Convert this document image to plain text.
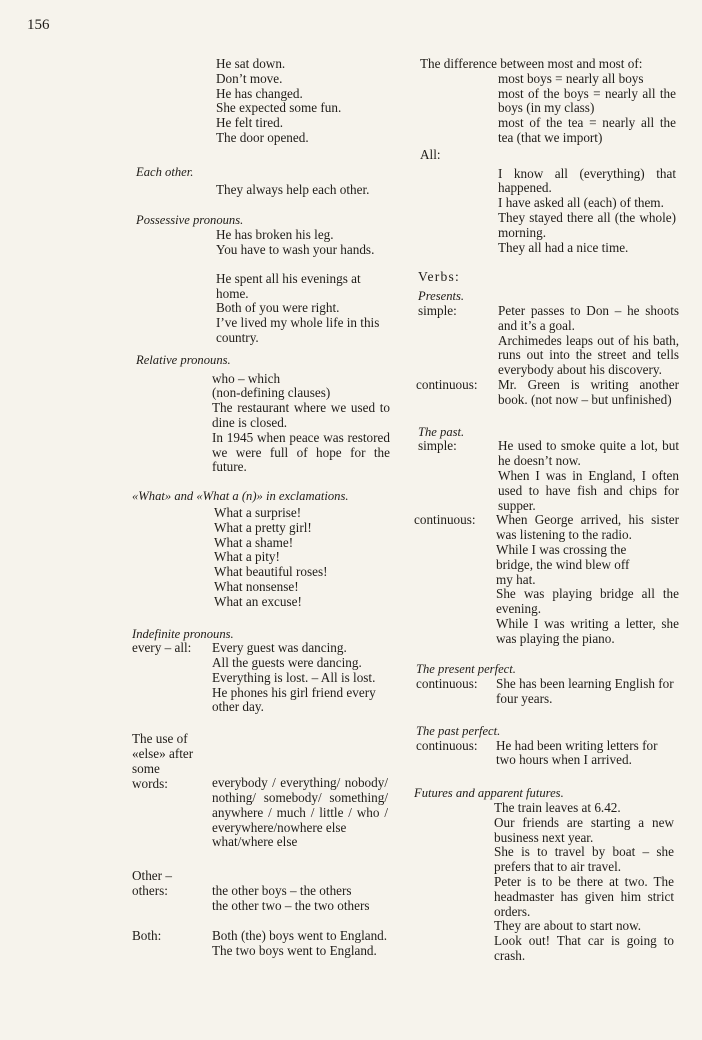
156
He sat down.
Don’t move.
He has changed.
She expected some fun.
He felt tired.
The door opened.
Each other.
They always help each other.
Possessive pronouns.
He has broken his leg.
You have to wash your hands.
He spent all his evenings at home.
Both of you were right.
I’ve lived my whole life in this country.
Relative pronouns.
who – which
(non-defining clauses)
The restaurant where we used to dine is closed.
In 1945 when peace was restored we were full of hope for the future.
«What» and «What a (n)» in exclamations.
What a surprise!
What a pretty girl!
What a shame!
What a pity!
What beautiful roses!
What nonsense!
What an excuse!
Indefinite pronouns.
every – all:	Every guest was dancing.
All the guests were dancing.
Everything is lost. – All is lost.
He phones his girl friend every other day.
The use of
«else» after
some
words:	everybody / everything/ nobody/ nothing/ somebody/ something/ anywhere / much / little / who / everywhere/nowhere else
what/where else
Other –
others:	the other boys – the others
the other two – the two others
Both:	Both (the) boys went to England.
The two boys went to England.
The difference between most and most of:
most boys = nearly all boys
most of the boys = nearly all the boys (in my class)
most of the tea = nearly all the tea (that we import)
All:
I know all (everything) that happened.
I have asked all (each) of them.
They stayed there all (the whole) morning.
They all had a nice time.
Verbs:
Presents.
simple:	Peter passes to Don – he shoots and it’s a goal.
Archimedes leaps out of his bath, runs out into the street and tells everybody about his discovery.
continuous:	Mr. Green is writing another book. (not now – but unfinished)
The past.
simple:	He used to smoke quite a lot, but he doesn’t now.
When I was in England, I often used to have fish and chips for supper.
continuous:	When George arrived, his sister was listening to the radio.
While I was crossing the bridge, the wind blew off my hat.
She was playing bridge all the evening.
While I was writing a letter, she was playing the piano.
The present perfect.
continuous:	She has been learning English for four years.
The past perfect.
continuous:	He had been writing letters for two hours when I arrived.
Futures and apparent futures.
The train leaves at 6.42.
Our friends are starting a new business next year.
She is to travel by boat – she prefers that to air travel.
Peter is to be there at two. The headmaster has given him strict orders.
They are about to start now.
Look out! That car is going to crash.
